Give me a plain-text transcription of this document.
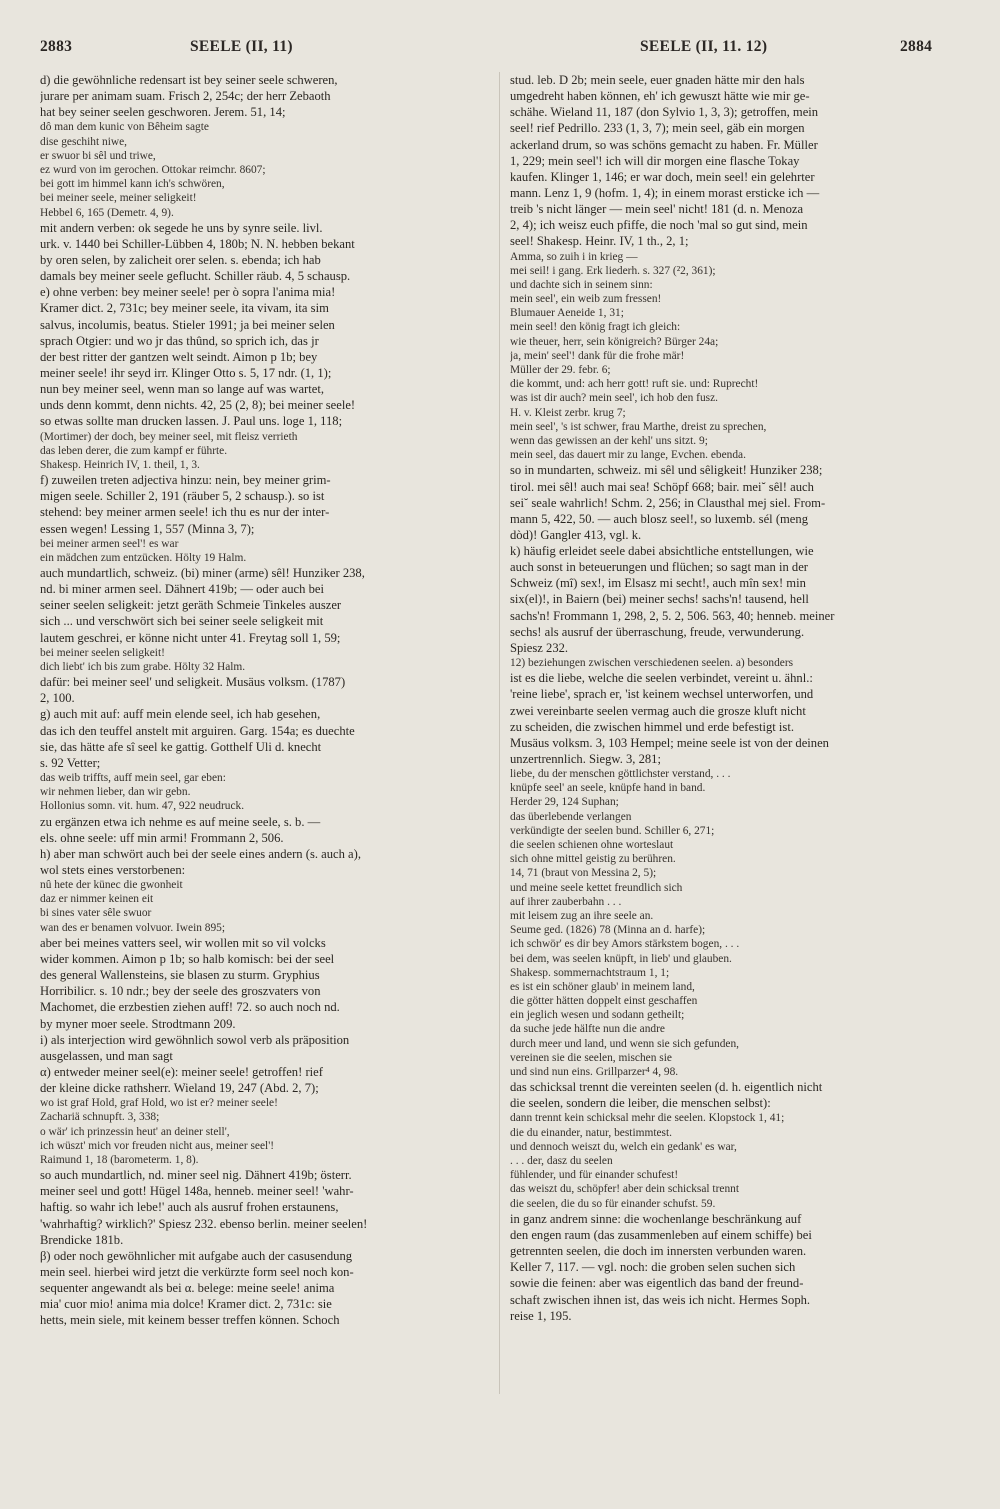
2883	SEELE (II, 11)	SEELE (II, 11. 12)	2884
d) die gewöhnliche redensart ist bey seiner seele schweren,
jurare per animam suam. Frisch 2, 254c; der herr Zebaoth
hat bey seiner seelen geschworen. Jerem. 51, 14;
dô man dem kunic von Bêheim sagte
dise geschiht niwe,
er swuor bi sêl und triwe,
ez wurd von im gerochen. Ottokar reimchr. 8607;
bei gott im himmel kann ich's schwören,
bei meiner seele, meiner seligkeit!
Hebbel 6, 165 (Demetr. 4, 9).
mit andern verben: ok segede he uns by synre seile. livl.
urk. v. 1440 bei Schiller-Lübben 4, 180b; N. N. hebben bekant
by oren selen, by zalicheit orer selen. s. ebenda; ich hab
damals bey meiner seele geflucht. Schiller räub. 4, 5 schausp.
e) ohne verben: bey meiner seele! per ò sopra l'anima mia!
Kramer dict. 2, 731c; bey meiner seele, ita vivam, ita sim
salvus, incolumis, beatus. Stieler 1991; ja bei meiner selen
sprach Otgier: und wo jr das thûnd, so sprich ich, das jr
der best ritter der gantzen welt seindt. Aimon p 1b; bey
meiner seele! ihr seyd irr. Klinger Otto s. 5, 17 ndr. (1, 1);
nun bey meiner seel, wenn man so lange auf was wartet,
unds denn kommt, denn nichts. 42, 25 (2, 8); bei meiner seele!
so etwas sollte man drucken lassen. J. Paul uns. loge 1, 118;
(Mortimer) der doch, bey meiner seel, mit fleisz verrieth
das leben derer, die zum kampf er führte.
Shakesp. Heinrich IV, 1. theil, 1, 3.
f) zuweilen treten adjectiva hinzu: nein, bey meiner grim-
migen seele. Schiller 2, 191 (räuber 5, 2 schausp.). so ist
stehend: bey meiner armen seele! ich thu es nur der inter-
essen wegen! Lessing 1, 557 (Minna 3, 7);
bei meiner armen seel'! es war
ein mädchen zum entzücken. Hölty 19 Halm.
auch mundartlich, schweiz. (bi) miner (arme) sêl! Hunziker 238,
nd. bi miner armen seel. Dähnert 419b; — oder auch bei
seiner seelen seligkeit: jetzt geräth Schmeie Tinkeles auszer
sich ... und verschwört sich bei seiner seele seligkeit mit
lautem geschrei, er könne nicht unter 41. Freytag soll 1, 59;
bei meiner seelen seligkeit!
dich liebt' ich bis zum grabe. Hölty 32 Halm.
dafür: bei meiner seel' und seligkeit. Musäus volksm. (1787)
2, 100.
g) auch mit auf: auff mein elende seel, ich hab gesehen,
das ich den teuffel anstelt mit arguiren. Garg. 154a; es duechte
sie, das hätte afe sî seel ke gattig. Gotthelf Uli d. knecht
s. 92 Vetter;
das weib triffts, auff mein seel, gar eben:
wir nehmen lieber, dan wir gebn.
Hollonius somn. vit. hum. 47, 922 neudruck.
zu ergänzen etwa ich nehme es auf meine seele, s. b. —
els. ohne seele: uff min armi! Frommann 2, 506.
h) aber man schwört auch bei der seele eines andern (s. auch a),
wol stets eines verstorbenen:
nû hete der künec die gwonheit
daz er nimmer keinen eit
bi sines vater sêle swuor
wan des er benamen volvuor. Iwein 895;
aber bei meines vatters seel, wir wollen mit so vil volcks
wider kommen. Aimon p 1b; so halb komisch: bei der seel
des general Wallensteins, sie blasen zu sturm. Gryphius
Horribilicr. s. 10 ndr.; bey der seele des groszvaters von
Machomet, die erzbestien ziehen auff! 72. so auch noch nd.
by myner moer seele. Strodtmann 209.
i) als interjection wird gewöhnlich sowol verb als präposition
ausgelassen, und man sagt
α) entweder meiner seel(e): meiner seele! getroffen! rief
der kleine dicke rathsherr. Wieland 19, 247 (Abd. 2, 7);
wo ist graf Hold, graf Hold, wo ist er? meiner seele!
Zachariä schnupft. 3, 338;
o wär' ich prinzessin heut' an deiner stell',
ich wüszt' mich vor freuden nicht aus, meiner seel'!
Raimund 1, 18 (barometerm. 1, 8).
so auch mundartlich, nd. miner seel nig. Dähnert 419b; österr.
meiner seel und gott! Hügel 148a, henneb. meiner seel! 'wahr-
haftig. so wahr ich lebe!' auch als ausruf frohen erstaunens,
'wahrhaftig? wirklich?' Spiesz 232. ebenso berlin. meiner seelen!
Brendicke 181b.
β) oder noch gewöhnlicher mit aufgabe auch der casusendung
mein seel. hierbei wird jetzt die verkürzte form seel noch kon-
sequenter angewandt als bei α. belege: meine seele! anima
mia' cuor mio! anima mia dolce! Kramer dict. 2, 731c: sie
hetts, mein siele, mit keinem besser treffen können. Schoch
stud. leb. D 2b; mein seele, euer gnaden hätte mir den hals
umgedreht haben können, eh' ich gewuszt hätte wie mir ge-
schähe. Wieland 11, 187 (don Sylvio 1, 3, 3); getroffen, mein
seel! rief Pedrillo. 233 (1, 3, 7); mein seel, gäb ein morgen
ackerland drum, so was schöns gemacht zu haben. Fr. Müller
1, 229; mein seel'! ich will dir morgen eine flasche Tokay
kaufen. Klinger 1, 146; er war doch, mein seel! ein gelehrter
mann. Lenz 1, 9 (hofm. 1, 4); in einem morast ersticke ich —
treib 's nicht länger — mein seel' nicht! 181 (d. n. Menoza
2, 4); ich weisz euch pfiffe, die noch 'mal so gut sind, mein
seel! Shakesp. Heinr. IV, 1 th., 2, 1;
Amma, so zuih i in krieg —
mei seil! i gang. Erk liederh. s. 327 (²2, 361);
und dachte sich in seinem sinn:
mein seel', ein weib zum fressen!
Blumauer Aeneide 1, 31;
mein seel! den könig fragt ich gleich:
wie theuer, herr, sein königreich? Bürger 24a;
ja, mein' seel'! dank für die frohe mär!
Müller der 29. febr. 6;
die kommt, und: ach herr gott! ruft sie. und: Ruprecht!
was ist dir auch? mein seel', ich hob den fusz.
H. v. Kleist zerbr. krug 7;
mein seel', 's ist schwer, frau Marthe, dreist zu sprechen,
wenn das gewissen an der kehl' uns sitzt. 9;
mein seel, das dauert mir zu lange, Evchen. ebenda.
so in mundarten, schweiz. mi sêl und sêligkeit! Hunziker 238;
tirol. mei sêl! auch mai sea! Schöpf 668; bair. mei˘ sêl! auch
sei˘ seale wahrlich! Schm. 2, 256; in Clausthal mej siel. From-
mann 5, 422, 50. — auch blosz seel!, so luxemb. sél (meng
dòd)! Gangler 413, vgl. k.
k) häufig erleidet seele dabei absichtliche entstellungen, wie
auch sonst in beteuerungen und flüchen; so sagt man in der
Schweiz (mî) sex!, im Elsasz mi secht!, auch mîn sex! min
six(el)!, in Baiern (bei) meiner sechs! sachs'n! tausend, hell
sachs'n! Frommann 1, 298, 2, 5. 2, 506. 563, 40; henneb. meiner
sechs! als ausruf der überraschung, freude, verwunderung.
Spiesz 232.
12) beziehungen zwischen verschiedenen seelen. a) besonders
ist es die liebe, welche die seelen verbindet, vereint u. ähnl.:
'reine liebe', sprach er, 'ist keinem wechsel unterworfen, und
zwei vereinbarte seelen vermag auch die grosze kluft nicht
zu scheiden, die zwischen himmel und erde befestigt ist.
Musäus volksm. 3, 103 Hempel; meine seele ist von der deinen
unzertrennlich. Siegw. 3, 281;
liebe, du der menschen göttlichster verstand, . . .
knüpfe seel' an seele, knüpfe hand in band.
Herder 29, 124 Suphan;
das überlebende verlangen
verkündigte der seelen bund. Schiller 6, 271;
die seelen schienen ohne worteslaut
sich ohne mittel geistig zu berühren.
14, 71 (braut von Messina 2, 5);
und meine seele kettet freundlich sich
auf ihrer zauberbahn . . .
mit leisem zug an ihre seele an.
Seume ged. (1826) 78 (Minna an d. harfe);
ich schwör' es dir bey Amors stärkstem bogen, . . .
bei dem, was seelen knüpft, in lieb' und glauben.
Shakesp. sommernachtstraum 1, 1;
es ist ein schöner glaub' in meinem land,
die götter hätten doppelt einst geschaffen
ein jeglich wesen und sodann getheilt;
da suche jede hälfte nun die andre
durch meer und land, und wenn sie sich gefunden,
vereinen sie die seelen, mischen sie
und sind nun eins. Grillparzer⁴ 4, 98.
das schicksal trennt die vereinten seelen (d. h. eigentlich nicht
die seelen, sondern die leiber, die menschen selbst):
dann trennt kein schicksal mehr die seelen. Klopstock 1, 41;
die du einander, natur, bestimmtest.
und dennoch weiszt du, welch ein gedank' es war,
. . . der, dasz du seelen
fühlender, und für einander schufest!
das weiszt du, schöpfer! aber dein schicksal trennt
die seelen, die du so für einander schufst. 59.
in ganz andrem sinne: die wochenlange beschränkung auf
den engen raum (das zusammenleben auf einem schiffe) bei
getrennten seelen, die doch im innersten verbunden waren.
Keller 7, 117. — vgl. noch: die groben selen suchen sich
sowie die feinen: aber was eigentlich das band der freund-
schaft zwischen ihnen ist, das weis ich nicht. Hermes Soph.
reise 1, 195.
